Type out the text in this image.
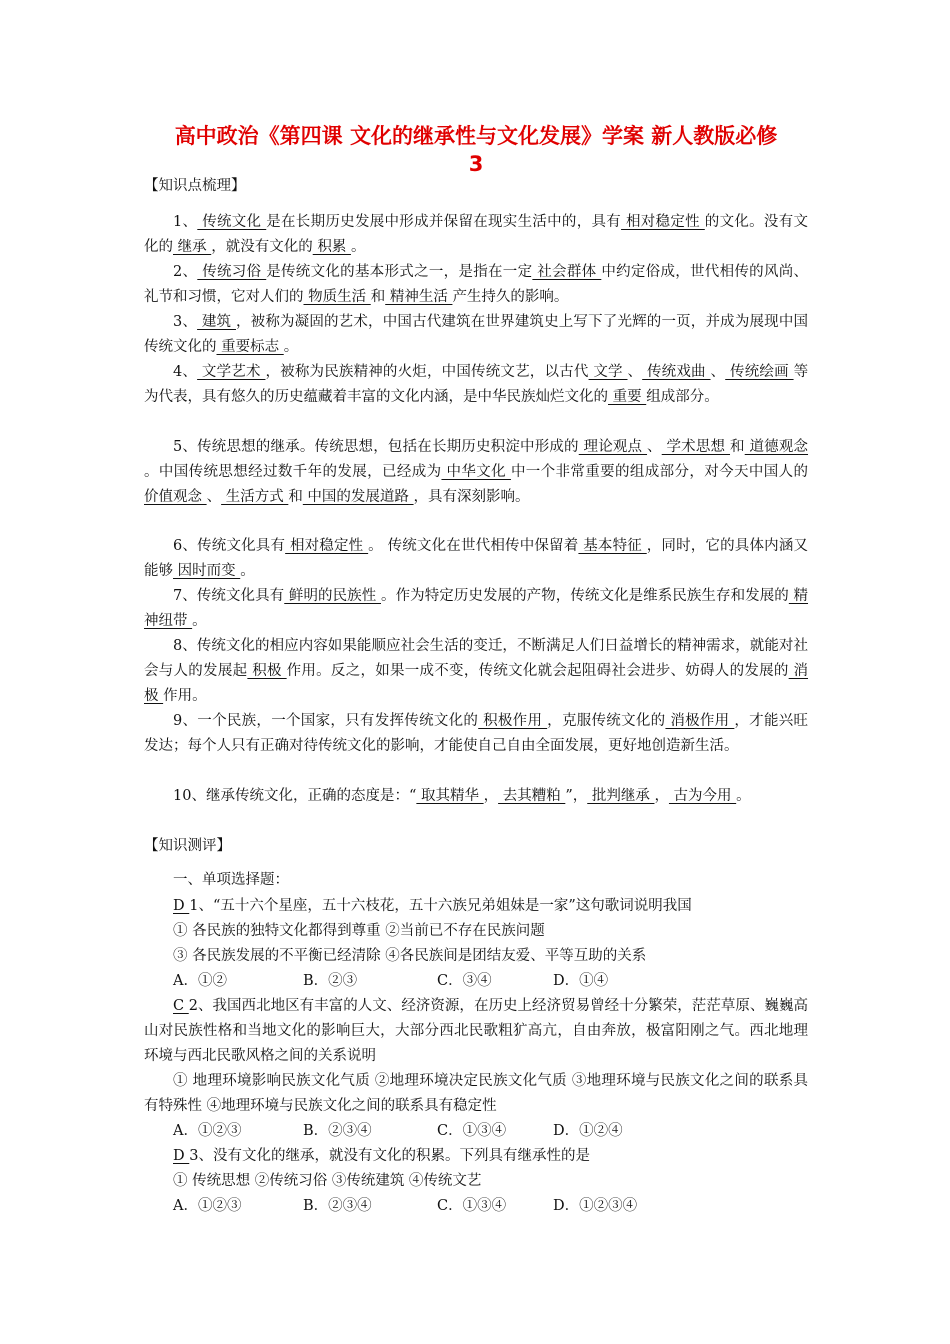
高中政治《第四课 文化的继承性与文化发展》学案 新人教版必修
3
【知识点梳理】
1、 传统文化 是在长期历史发展中形成并保留在现实生活中的，具有 相对稳定性 的文化。没有文化的 继承 ，就没有文化的 积累 。
2、 传统习俗 是传统文化的基本形式之一，是指在一定 社会群体 中约定俗成，世代相传的风尚、礼节和习惯，它对人们的 物质生活 和 精神生活 产生持久的影响。
3、 建筑 ，被称为凝固的艺术，中国古代建筑在世界建筑史上写下了光辉的一页，并成为展现中国传统文化的 重要标志 。
4、 文学艺术 ，被称为民族精神的火炬，中国传统文艺，以古代 文学 、 传统戏曲 、 传统绘画 等为代表，具有悠久的历史蕴藏着丰富的文化内涵，是中华民族灿烂文化的 重要 组成部分。
5、传统思想的继承。传统思想，包括在长期历史积淀中形成的 理论观点 、 学术思想 和 道德观念 。中国传统思想经过数千年的发展，已经成为 中华文化 中一个非常重要的组成部分，对今天中国人的 价值观念 、 生活方式 和 中国的发展道路 ，具有深刻影响。
6、传统文化具有 相对稳定性 。 传统文化在世代相传中保留着 基本特征 ，同时，它的具体内涵又能够 因时而变 。
7、传统文化具有 鲜明的民族性 。作为特定历史发展的产物，传统文化是维系民族生存和发展的 精神纽带 。
8、传统文化的相应内容如果能顺应社会生活的变迁，不断满足人们日益增长的精神需求，就能对社会与人的发展起 积极 作用。反之，如果一成不变，传统文化就会起阻碍社会进步、妨碍人的发展的 消极 作用。
9、一个民族，一个国家，只有发挥传统文化的 积极作用 ，克服传统文化的 消极作用 ，才能兴旺发达；每个人只有正确对待传统文化的影响，才能使自己自由全面发展，更好地创造新生活。
10、继承传统文化，正确的态度是：“ 取其精华 ， 去其糟粕 ”， 批判继承 ， 古为今用 。
【知识测评】
一、单项选择题：
D 1、“五十六个星座，五十六枝花，五十六族兄弟姐妹是一家”这句歌词说明我国
① 各民族的独特文化都得到尊重 ②当前已不存在民族问题
③ 各民族发展的不平衡已经清除 ④各民族间是团结友爱、平等互助的关系
A．①②	B．②③	C．③④	D．①④
C 2、我国西北地区有丰富的人文、经济资源，在历史上经济贸易曾经十分繁荣，茫茫草原、巍巍高山对民族性格和当地文化的影响巨大，大部分西北民歌粗犷高亢，自由奔放，极富阳刚之气。西北地理环境与西北民歌风格之间的关系说明
① 地理环境影响民族文化气质 ②地理环境决定民族文化气质 ③地理环境与民族文化之间的联系具有特殊性 ④地理环境与民族文化之间的联系具有稳定性
A．①②③	B．②③④	C．①③④	D．①②④
D 3、没有文化的继承，就没有文化的积累。下列具有继承性的是
① 传统思想 ②传统习俗 ③传统建筑 ④传统文艺
A．①②③	B．②③④	C．①③④	D．①②③④
